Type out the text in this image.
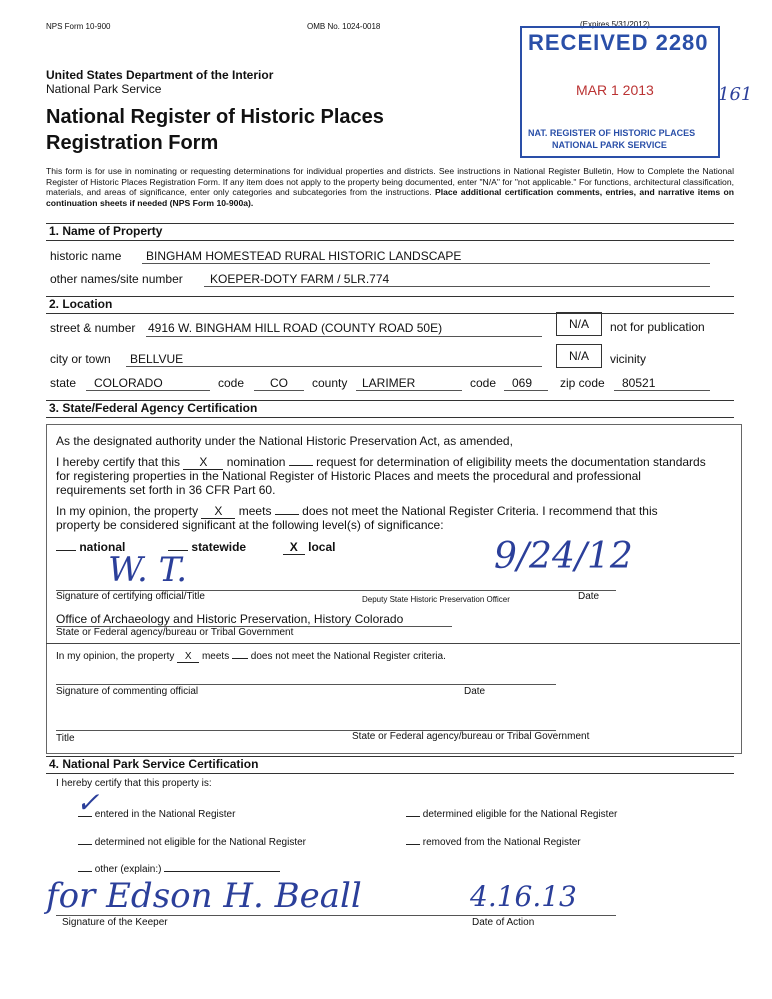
NPS Form 10-900	OMB No. 1024-0018	(Expires 5/31/2012)
RECEIVED 2280
MAR 1 2013
NAT. REGISTER OF HISTORIC PLACES
NATIONAL PARK SERVICE
161
United States Department of the Interior
National Park Service
National Register of Historic Places
Registration Form
This form is for use in nominating or requesting determinations for individual properties and districts. See instructions in National Register Bulletin, How to Complete the National Register of Historic Places Registration Form. If any item does not apply to the property being documented, enter "N/A" for "not applicable." For functions, architectural classification, materials, and areas of significance, enter only categories and subcategories from the instructions. Place additional certification comments, entries, and narrative items on continuation sheets if needed (NPS Form 10-900a).
1. Name of Property
historic name BINGHAM HOMESTEAD RURAL HISTORIC LANDSCAPE
other names/site number KOEPER-DOTY FARM / 5LR.774
2. Location
street & number 4916 W. BINGHAM HILL ROAD (COUNTY ROAD 50E)	N/A	not for publication
city or town BELLVUE	N/A	vicinity
state COLORADO	code CO county LARIMER	code 069 zip code 80521
3. State/Federal Agency Certification
As the designated authority under the National Historic Preservation Act, as amended,
I hereby certify that this X nomination	request for determination of eligibility meets the documentation standards
for registering properties in the National Register of Historic Places and meets the procedural and professional
requirements set forth in 36 CFR Part 60.
In my opinion, the property X meets	does not meet the National Register Criteria. I recommend that this
property be considered significant at the following level(s) of significance:
national	statewide	X local
W. T.	9/24/12
Signature of certifying official/Title	Deputy State Historic Preservation Officer	Date
Office of Archaeology and Historic Preservation, History Colorado
State or Federal agency/bureau or Tribal Government
In my opinion, the property X meets does not meet the National Register criteria.
Signature of commenting official	Date
Title	State or Federal agency/bureau or Tribal Government
4. National Park Service Certification
I hereby certify that this property is:
entered in the National Register
✓	determined eligible for the National Register
determined not eligible for the National Register	removed from the National Register
other (explain:)
for Edson H. Beall	4.16.13
Signature of the Keeper	Date of Action
